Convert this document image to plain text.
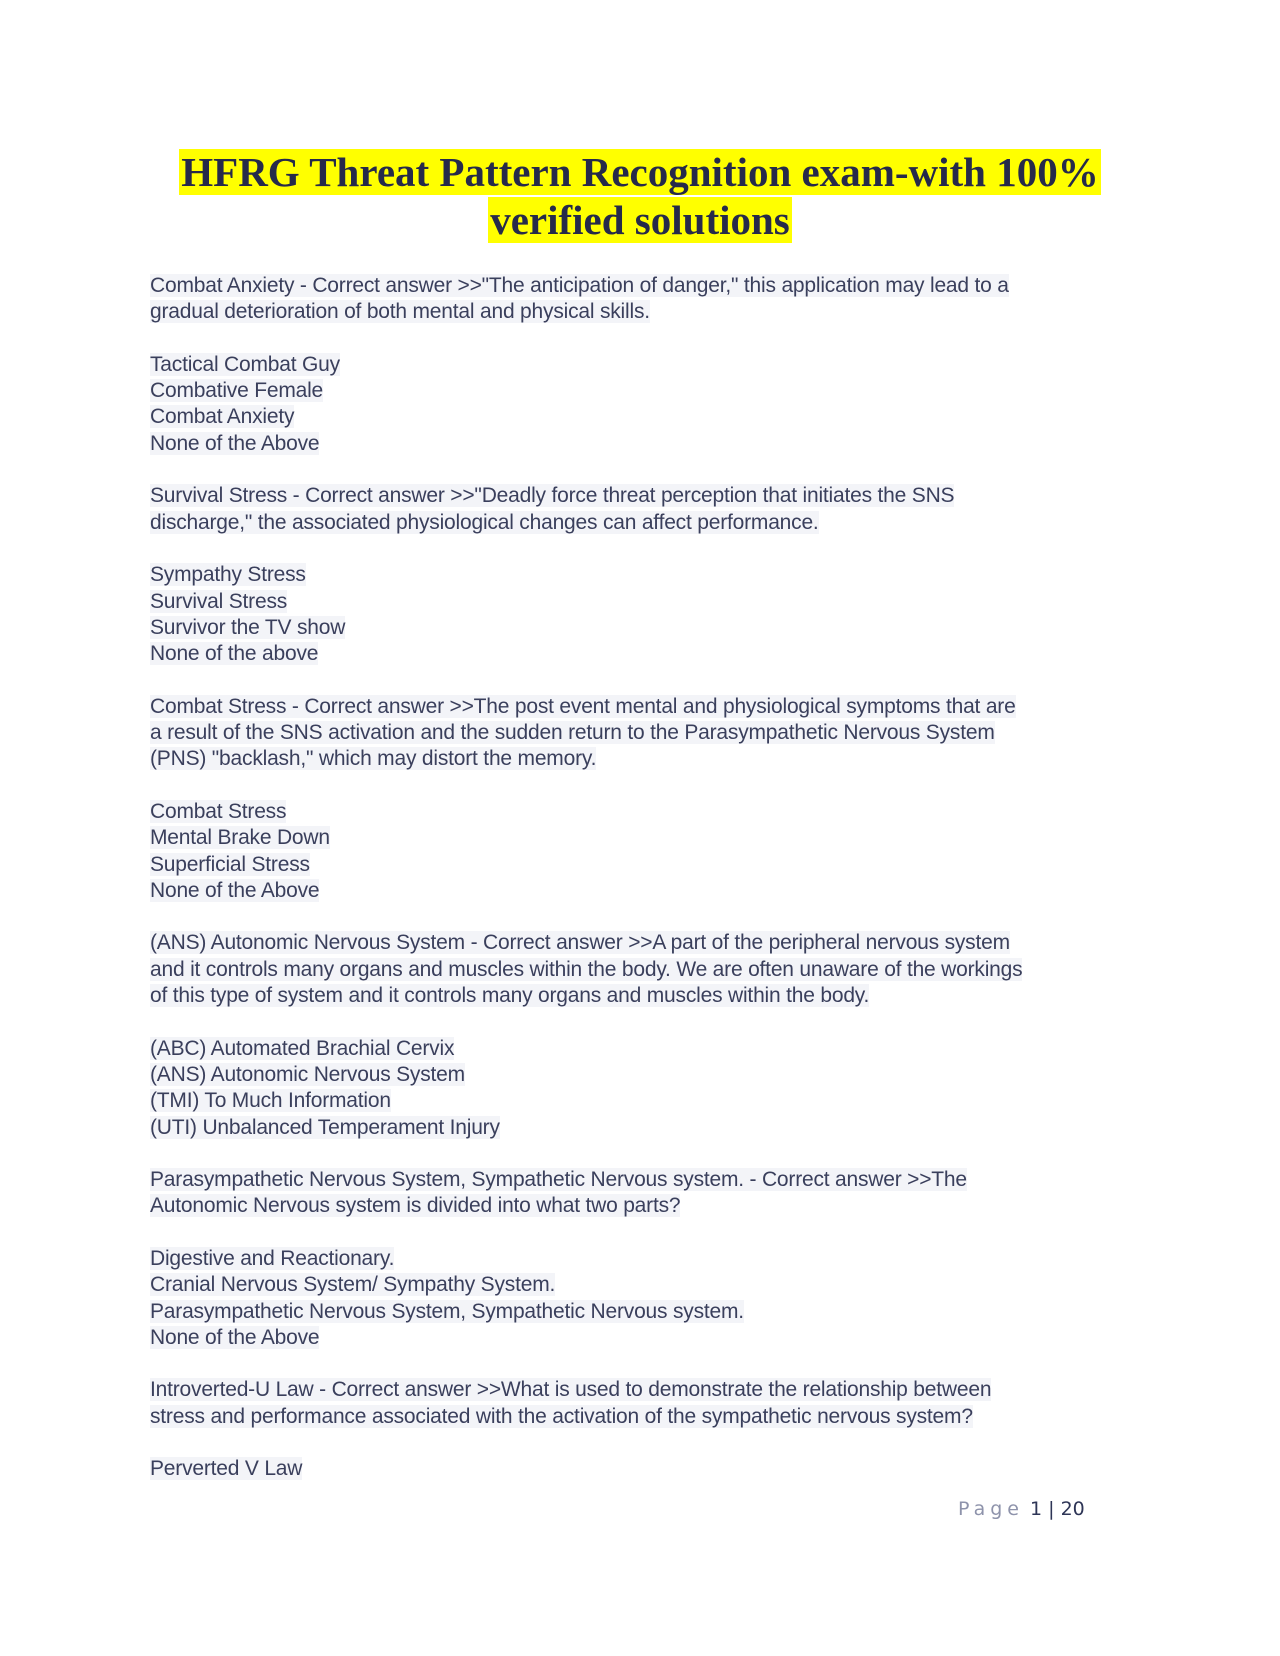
HFRG Threat Pattern Recognition exam-with 100%
verified solutions
Combat Anxiety - Correct answer >>"The anticipation of danger," this application may lead to a
gradual deterioration of both mental and physical skills.
Tactical Combat Guy
Combative Female
Combat Anxiety
None of the Above
Survival Stress - Correct answer >>"Deadly force threat perception that initiates the SNS
discharge," the associated physiological changes can affect performance.
Sympathy Stress
Survival Stress
Survivor the TV show
None of the above
Combat Stress - Correct answer >>The post event mental and physiological symptoms that are
a result of the SNS activation and the sudden return to the Parasympathetic Nervous System
(PNS) "backlash," which may distort the memory.
Combat Stress
Mental Brake Down
Superficial Stress
None of the Above
(ANS) Autonomic Nervous System - Correct answer >>A part of the peripheral nervous system
and it controls many organs and muscles within the body. We are often unaware of the workings
of this type of system and it controls many organs and muscles within the body.
(ABC) Automated Brachial Cervix
(ANS) Autonomic Nervous System
(TMI) To Much Information
(UTI) Unbalanced Temperament Injury
Parasympathetic Nervous System, Sympathetic Nervous system. - Correct answer >>The
Autonomic Nervous system is divided into what two parts?
Digestive and Reactionary.
Cranial Nervous System/ Sympathy System.
Parasympathetic Nervous System, Sympathetic Nervous system.
None of the Above
Introverted-U Law - Correct answer >>What is used to demonstrate the relationship between
stress and performance associated with the activation of the sympathetic nervous system?
Perverted V Law
Page 1 | 20
